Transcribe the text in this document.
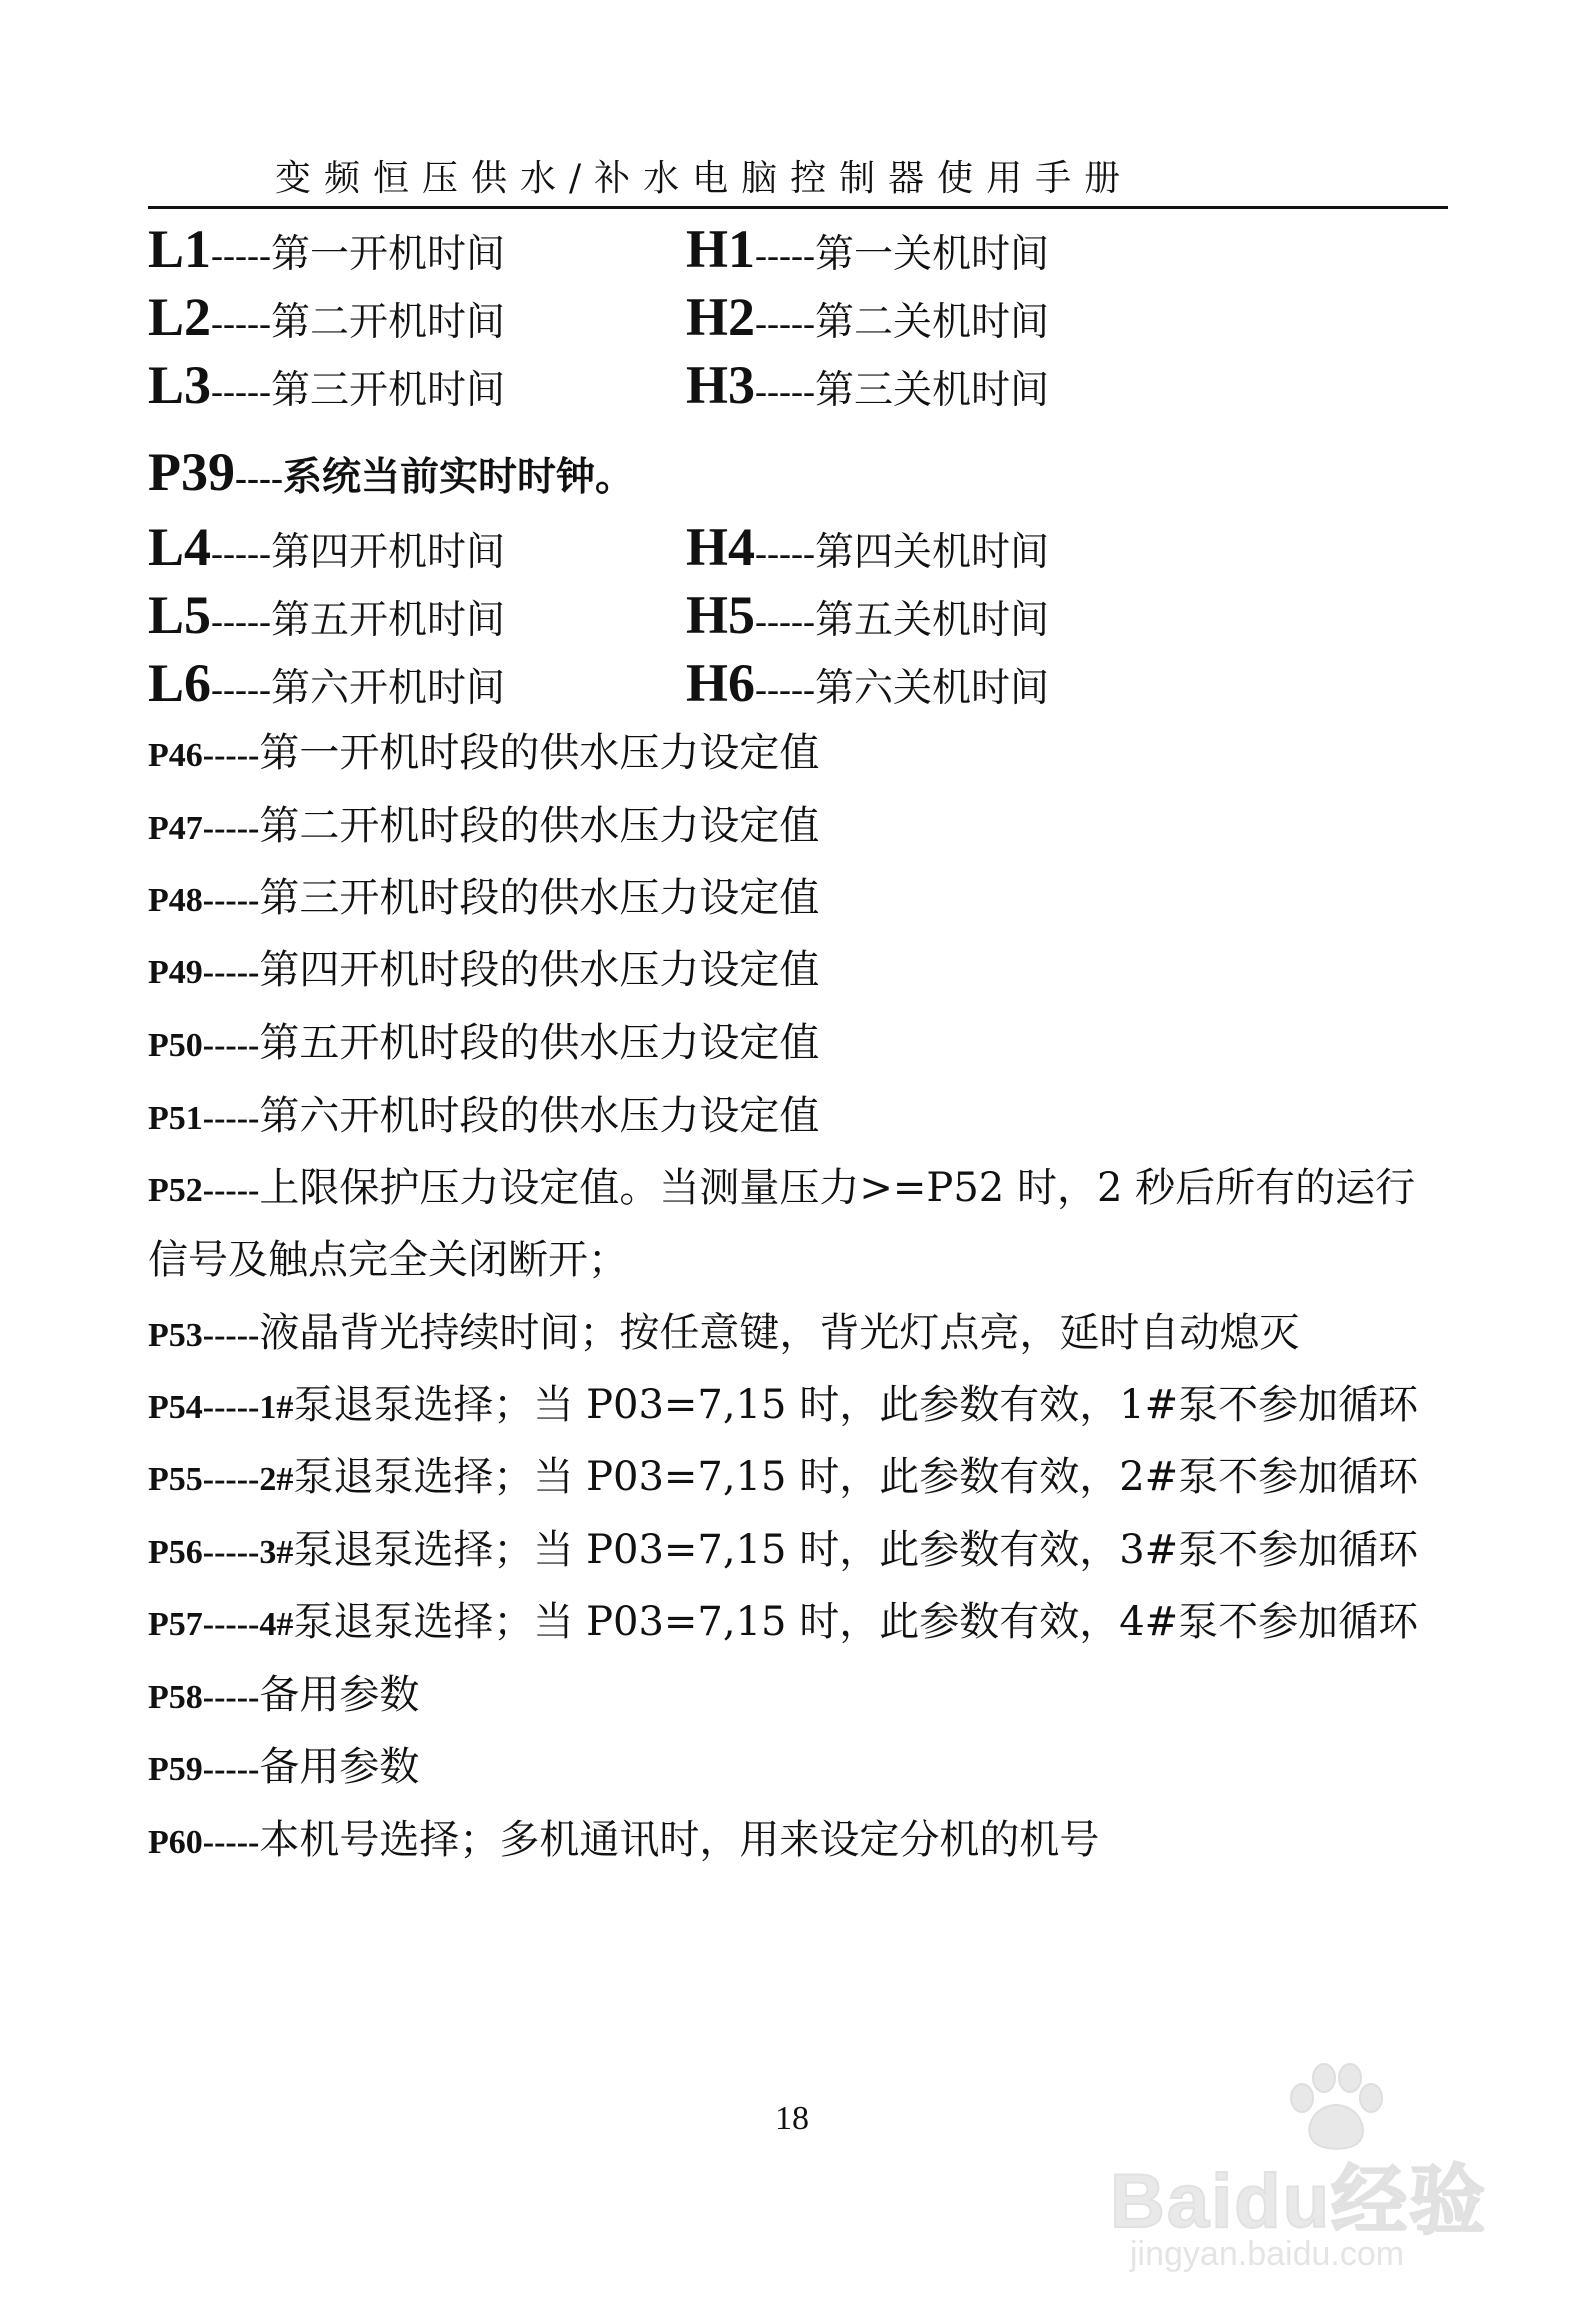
变频恒压供水/补水电脑控制器使用手册
L1-----第一开机时间	H1-----第一关机时间
L2-----第二开机时间	H2-----第二关机时间
L3-----第三开机时间	H3-----第三关机时间
P39----系统当前实时时钟。
L4-----第四开机时间	H4-----第四关机时间
L5-----第五开机时间	H5-----第五关机时间
L6-----第六开机时间	H6-----第六关机时间
P46-----第一开机时段的供水压力设定值
P47-----第二开机时段的供水压力设定值
P48-----第三开机时段的供水压力设定值
P49-----第四开机时段的供水压力设定值
P50-----第五开机时段的供水压力设定值
P51-----第六开机时段的供水压力设定值
P52-----上限保护压力设定值。当测量压力>=P52 时，2 秒后所有的运行
信号及触点完全关闭断开；
P53-----液晶背光持续时间；按任意键，背光灯点亮，延时自动熄灭
P54-----1#泵退泵选择；当 P03=7,15 时，此参数有效，1#泵不参加循环
P55-----2#泵退泵选择；当 P03=7,15 时，此参数有效，2#泵不参加循环
P56-----3#泵退泵选择；当 P03=7,15 时，此参数有效，3#泵不参加循环
P57-----4#泵退泵选择；当 P03=7,15 时，此参数有效，4#泵不参加循环
P58-----备用参数
P59-----备用参数
P60-----本机号选择；多机通讯时，用来设定分机的机号
18
Baidu经验
jingyan.baidu.com
